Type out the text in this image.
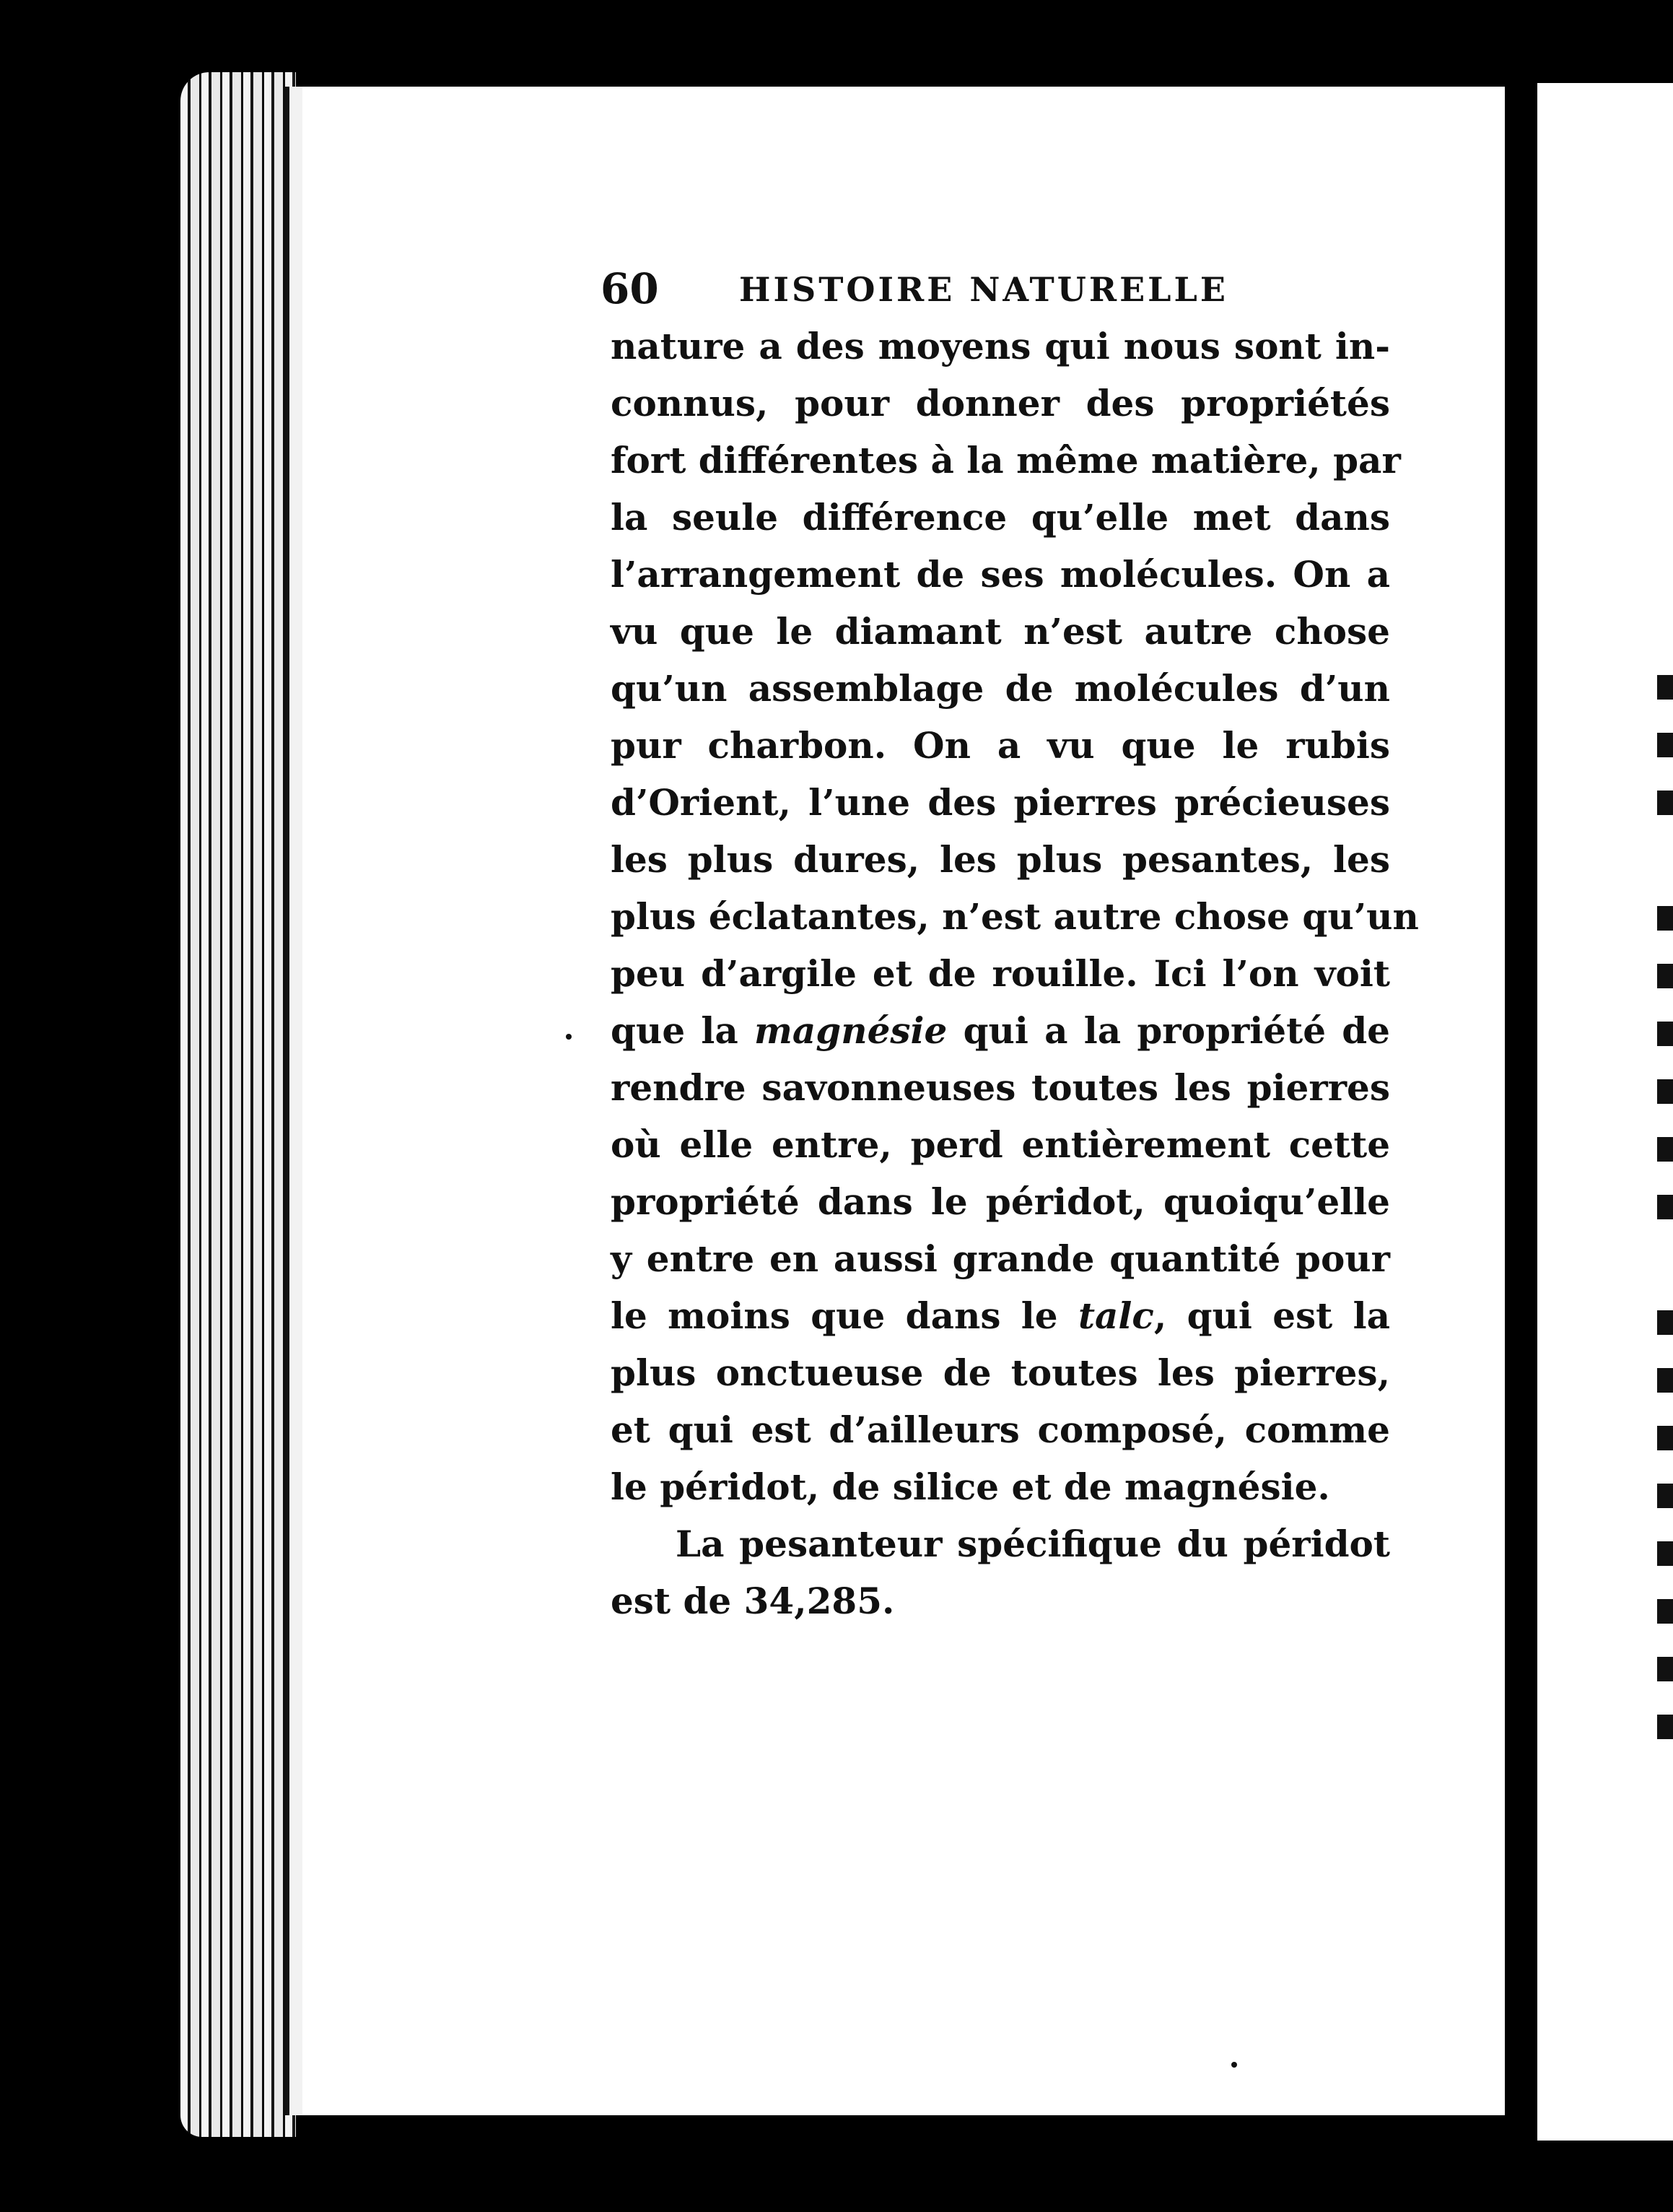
60 HISTOIRE NATURELLE
nature a des moyens qui nous sont in-
connus, pour donner des propriétés
fort différentes à la même matière, par
la seule différence qu’elle met dans
l’arrangement de ses molécules. On a
vu que le diamant n’est autre chose
qu’un assemblage de molécules d’un
pur charbon. On a vu que le rubis
d’Orient, l’une des pierres précieuses
les plus dures, les plus pesantes, les
plus éclatantes, n’est autre chose qu’un
peu d’argile et de rouille. Ici l’on voit
que la magnésie qui a la propriété de
rendre savonneuses toutes les pierres
où elle entre, perd entièrement cette
propriété dans le péridot, quoiqu’elle
y entre en aussi grande quantité pour
le moins que dans le talc, qui est la
plus onctueuse de toutes les pierres,
et qui est d’ailleurs composé, comme
le péridot, de silice et de magnésie.
La pesanteur spécifique du péridot
est de 34,285.
